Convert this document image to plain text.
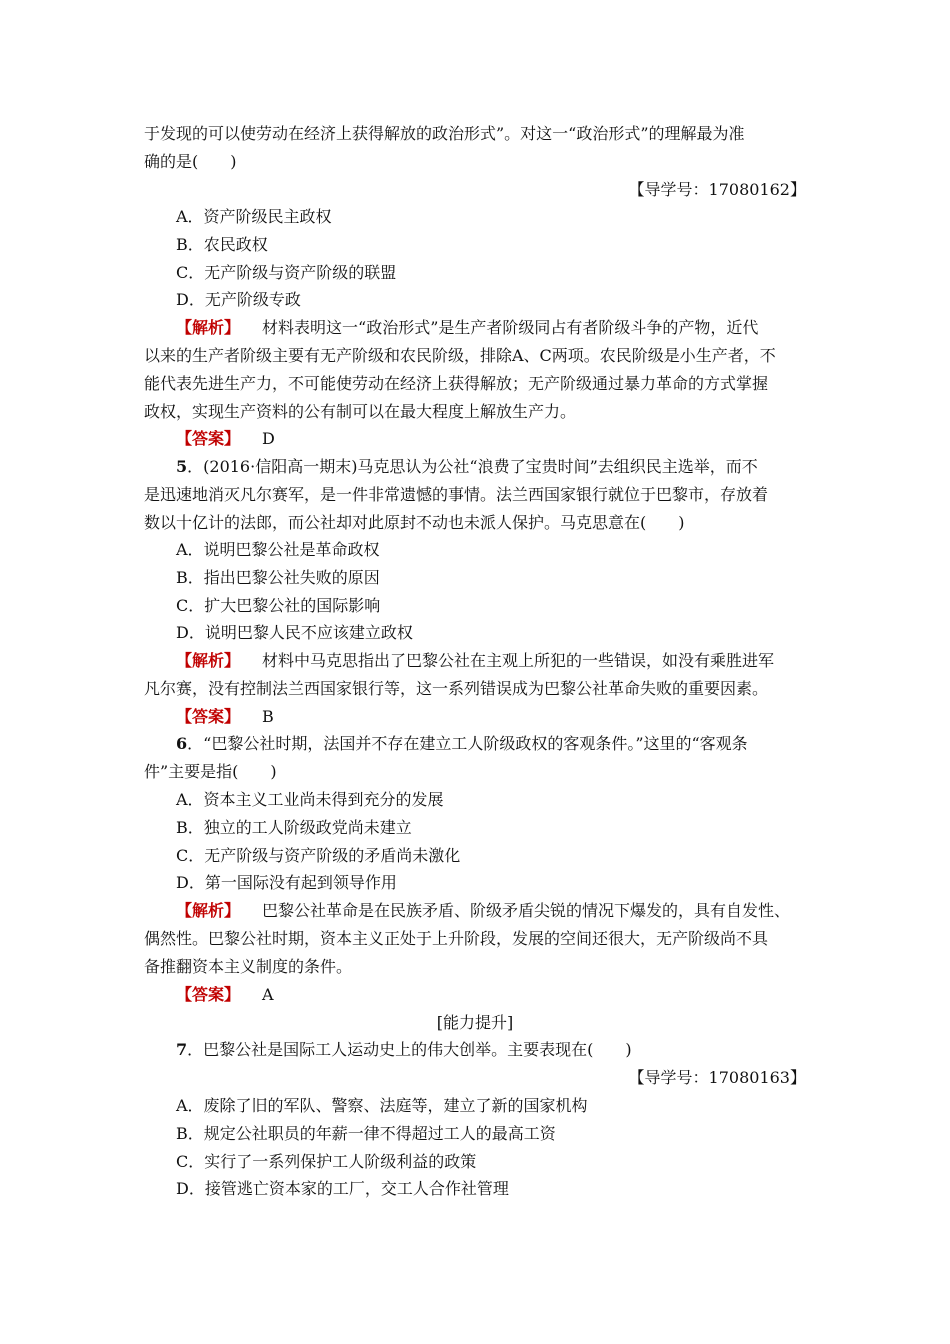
于发现的可以使劳动在经济上获得解放的政治形式”。对这一“政治形式”的理解最为准
确的是(　　)
【导学号：17080162】
A．资产阶级民主政权
B．农民政权
C．无产阶级与资产阶级的联盟
D．无产阶级专政
【解析】 材料表明这一“政治形式”是生产者阶级同占有者阶级斗争的产物，近代
以来的生产者阶级主要有无产阶级和农民阶级，排除A、C两项。农民阶级是小生产者，不
能代表先进生产力，不可能使劳动在经济上获得解放；无产阶级通过暴力革命的方式掌握
政权，实现生产资料的公有制可以在最大程度上解放生产力。
【答案】 D
5．(2016·信阳高一期末)马克思认为公社“浪费了宝贵时间”去组织民主选举，而不
是迅速地消灭凡尔赛军，是一件非常遗憾的事情。法兰西国家银行就位于巴黎市，存放着
数以十亿计的法郎，而公社却对此原封不动也未派人保护。马克思意在(　　)
A．说明巴黎公社是革命政权
B．指出巴黎公社失败的原因
C．扩大巴黎公社的国际影响
D．说明巴黎人民不应该建立政权
【解析】 材料中马克思指出了巴黎公社在主观上所犯的一些错误，如没有乘胜进军
凡尔赛，没有控制法兰西国家银行等，这一系列错误成为巴黎公社革命失败的重要因素。
【答案】 B
6．“巴黎公社时期，法国并不存在建立工人阶级政权的客观条件。”这里的“客观条
件”主要是指(　　)
A．资本主义工业尚未得到充分的发展
B．独立的工人阶级政党尚未建立
C．无产阶级与资产阶级的矛盾尚未激化
D．第一国际没有起到领导作用
【解析】 巴黎公社革命是在民族矛盾、阶级矛盾尖锐的情况下爆发的，具有自发性、
偶然性。巴黎公社时期，资本主义正处于上升阶段，发展的空间还很大，无产阶级尚不具
备推翻资本主义制度的条件。
【答案】 A
[能力提升]
7．巴黎公社是国际工人运动史上的伟大创举。主要表现在(　　)
【导学号：17080163】
A．废除了旧的军队、警察、法庭等，建立了新的国家机构
B．规定公社职员的年薪一律不得超过工人的最高工资
C．实行了一系列保护工人阶级利益的政策
D．接管逃亡资本家的工厂，交工人合作社管理
